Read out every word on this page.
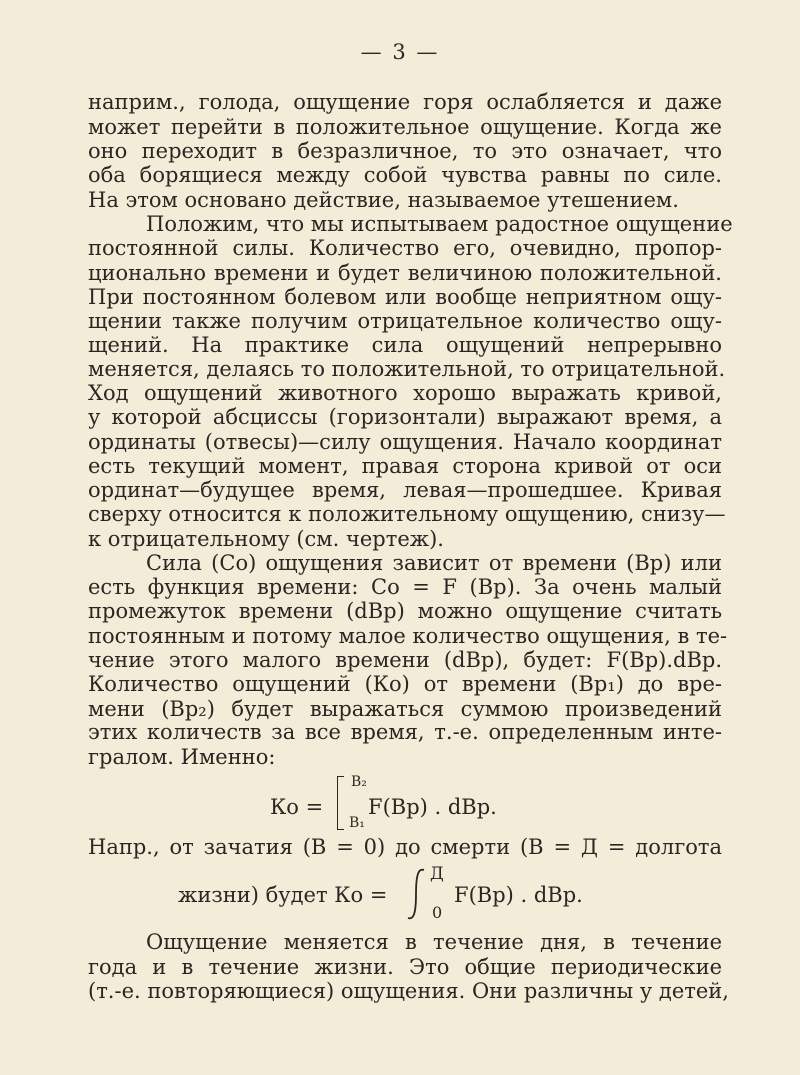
— 3 —
наприм., голода, ощущение горя ослабляется и даже
может перейти в положительное ощущение. Когда же
оно переходит в безразличное, то это означает, что
оба борящиеся между собой чувства равны по силе.
На этом основано действие, называемое утешением.
Положим, что мы испытываем радостное ощущение
постоянной силы. Количество его, очевидно, пропор-
ционально времени и будет величиною положительной.
При постоянном болевом или вообще неприятном ощу-
щении также получим отрицательное количество ощу-
щений. На практике сила ощущений непрерывно
меняется, делаясь то положительной, то отрицательной.
Ход ощущений животного хорошо выражать кривой,
у которой абсциссы (горизонтали) выражают время, а
ординаты (отвесы)—силу ощущения. Начало координат
есть текущий момент, правая сторона кривой от оси
ординат—будущее время, левая—прошедшее. Кривая
сверху относится к положительному ощущению, снизу—
к отрицательному (см. чертеж).
Сила (Со) ощущения зависит от времени (Вр) или
есть функция времени: Со = F (Вр). За очень малый
промежуток времени (dВр) можно ощущение считать
постоянным и потому малое количество ощущения, в те-
чение этого малого времени (dВр), будет: F(Вр).dВр.
Количество ощущений (Ко) от времени (Вр₁) до вре-
мени (Вр₂) будет выражаться суммою произведений
этих количеств за все время, т.-е. определенным инте-
гралом. Именно:
Напр., от зачатия (В = 0) до смерти (В = Д = долгота
Ощущение меняется в течение дня, в течение
года и в течение жизни. Это общие периодические
(т.-е. повторяющиеся) ощущения. Они различны у детей,
Ко =
В₂
В₁
F(Вр) . dВр.
жизни) будет Ко =
Д
0
F(Вр) . dВр.
